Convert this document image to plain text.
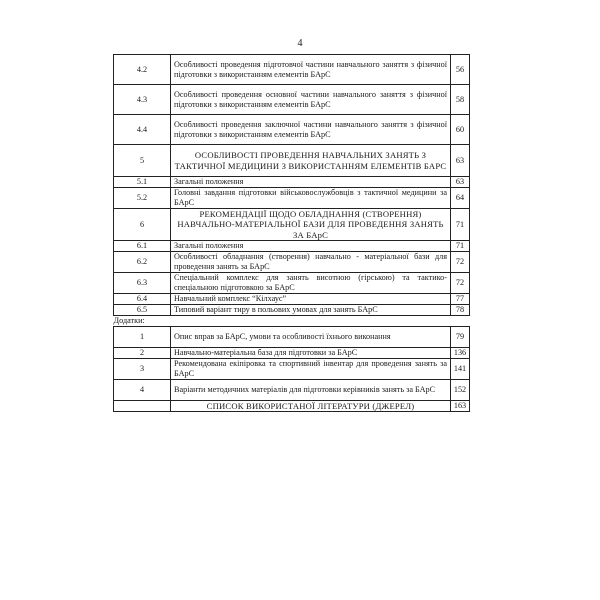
4
4.2	Особливості проведення підготовчої частини навчального заняття з фізичної підготовки з використанням елементів БАрС	56
4.3	Особливості проведення основної частини навчального заняття з фізичної підготовки з використанням елементів БАрС	58
4.4	Особливості проведення заключної частини навчального заняття з фізичної підготовки з використанням елементів БАрС	60
5	ОСОБЛИВОСТІ ПРОВЕДЕННЯ НАВЧАЛЬНИХ ЗАНЯТЬ З ТАКТИЧНОЇ МЕДИЦИНИ З ВИКОРИСТАННЯМ ЕЛЕМЕНТІВ БАРС	63
5.1	Загальні положення	63
5.2	Головні завдання підготовки військовослужбовців з тактичної медицини за БАрС	64
6	РЕКОМЕНДАЦІЇ ЩОДО ОБЛАДНАННЯ (СТВОРЕННЯ) НАВЧАЛЬНО-МАТЕРІАЛЬНОЇ БАЗИ ДЛЯ ПРОВЕДЕННЯ ЗАНЯТЬ ЗА БАрС	71
6.1	Загальні положення	71
6.2	Особливості обладнання (створення) навчально - матеріальної бази для проведення занять за БАрС	72
6.3	Спеціальний комплекс для занять висотною (гірською) та тактико-спеціальною підготовкою за БАрС	72
6.4	Навчальний комплекс “Кілхаус”	77
6.5	Типовий варіант тиру в польових умовах для занять БАрС	78
Додатки:		
1	Опис вправ за БАрС, умови та особливості їхнього виконання	79
2	Навчально-матеріальна база для підготовки за БАрС	136
3	Рекомендована екіпіровка та спортивний інвентар для проведення занять за БАрС	141
4	Варіанти методичних матеріалів для підготовки керівників занять за БАрС	152
	СПИСОК ВИКОРИСТАНОЇ ЛІТЕРАТУРИ (ДЖЕРЕЛ)	163
